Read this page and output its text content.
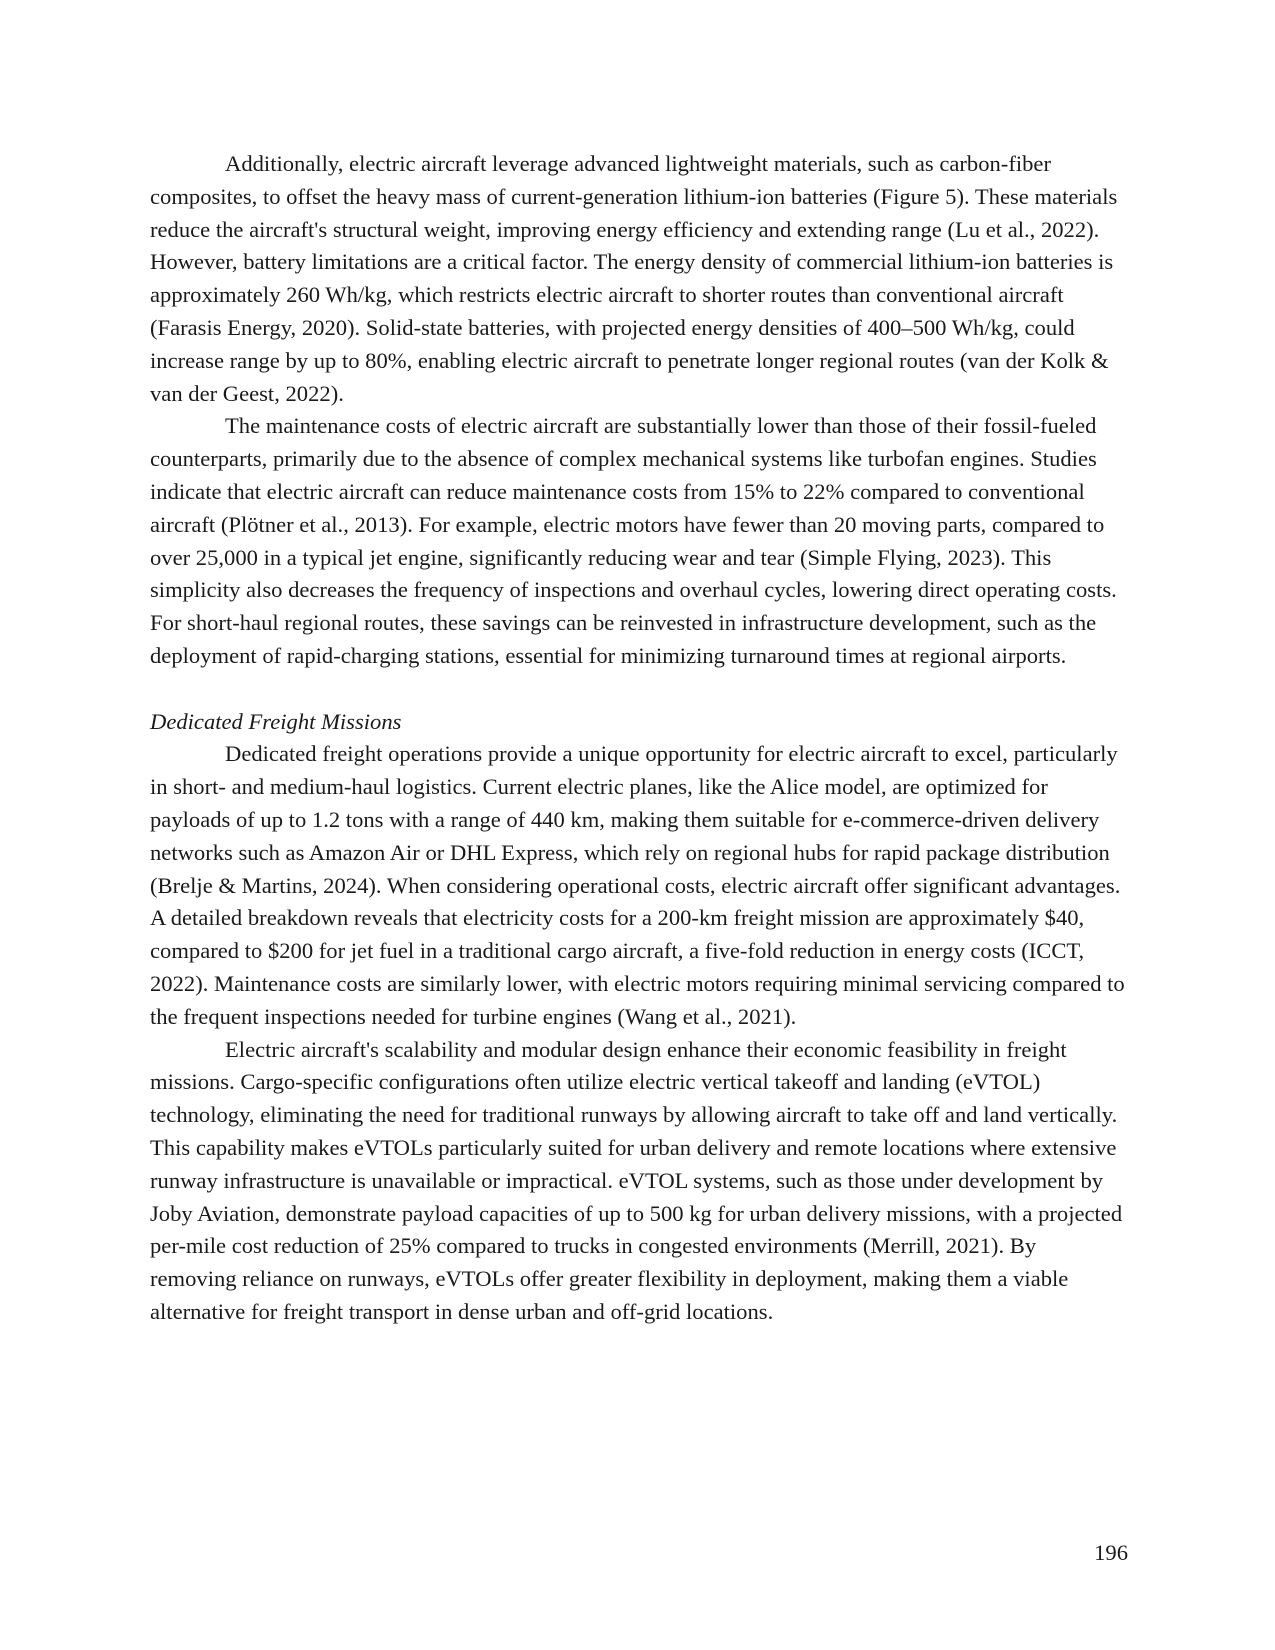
Additionally, electric aircraft leverage advanced lightweight materials, such as carbon-fiber composites, to offset the heavy mass of current-generation lithium-ion batteries (Figure 5). These materials reduce the aircraft's structural weight, improving energy efficiency and extending range (Lu et al., 2022). However, battery limitations are a critical factor. The energy density of commercial lithium-ion batteries is approximately 260 Wh/kg, which restricts electric aircraft to shorter routes than conventional aircraft (Farasis Energy, 2020). Solid-state batteries, with projected energy densities of 400–500 Wh/kg, could increase range by up to 80%, enabling electric aircraft to penetrate longer regional routes (van der Kolk & van der Geest, 2022).

The maintenance costs of electric aircraft are substantially lower than those of their fossil-fueled counterparts, primarily due to the absence of complex mechanical systems like turbofan engines. Studies indicate that electric aircraft can reduce maintenance costs from 15% to 22% compared to conventional aircraft (Plötner et al., 2013). For example, electric motors have fewer than 20 moving parts, compared to over 25,000 in a typical jet engine, significantly reducing wear and tear (Simple Flying, 2023). This simplicity also decreases the frequency of inspections and overhaul cycles, lowering direct operating costs. For short-haul regional routes, these savings can be reinvested in infrastructure development, such as the deployment of rapid-charging stations, essential for minimizing turnaround times at regional airports.

Dedicated Freight Missions

Dedicated freight operations provide a unique opportunity for electric aircraft to excel, particularly in short- and medium-haul logistics. Current electric planes, like the Alice model, are optimized for payloads of up to 1.2 tons with a range of 440 km, making them suitable for e-commerce-driven delivery networks such as Amazon Air or DHL Express, which rely on regional hubs for rapid package distribution (Brelje & Martins, 2024). When considering operational costs, electric aircraft offer significant advantages. A detailed breakdown reveals that electricity costs for a 200-km freight mission are approximately $40, compared to $200 for jet fuel in a traditional cargo aircraft, a five-fold reduction in energy costs (ICCT, 2022). Maintenance costs are similarly lower, with electric motors requiring minimal servicing compared to the frequent inspections needed for turbine engines (Wang et al., 2021).

Electric aircraft's scalability and modular design enhance their economic feasibility in freight missions. Cargo-specific configurations often utilize electric vertical takeoff and landing (eVTOL) technology, eliminating the need for traditional runways by allowing aircraft to take off and land vertically. This capability makes eVTOLs particularly suited for urban delivery and remote locations where extensive runway infrastructure is unavailable or impractical. eVTOL systems, such as those under development by Joby Aviation, demonstrate payload capacities of up to 500 kg for urban delivery missions, with a projected per-mile cost reduction of 25% compared to trucks in congested environments (Merrill, 2021). By removing reliance on runways, eVTOLs offer greater flexibility in deployment, making them a viable alternative for freight transport in dense urban and off-grid locations.

196
